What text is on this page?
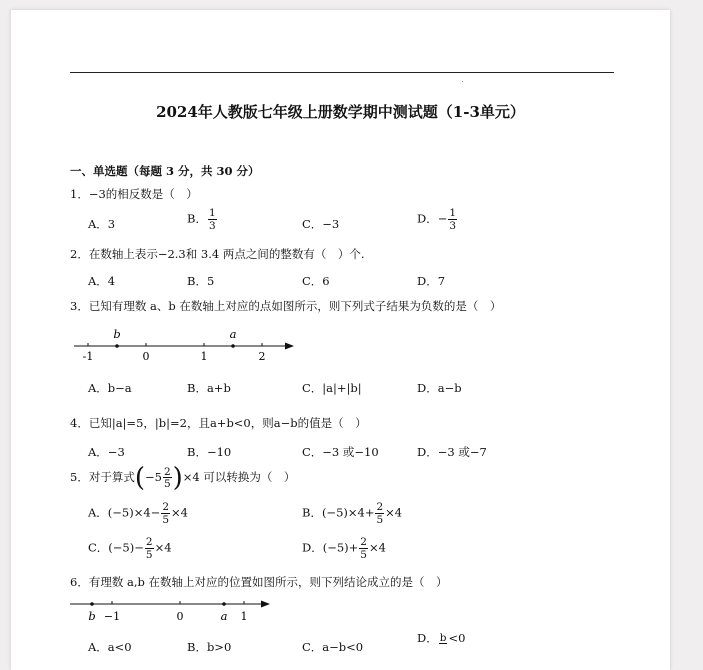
2024年人教版七年级上册数学期中测试题（1-3单元）
一、单选题（每题 3 分，共 30 分）
1．−3的相反数是（　）
A．3	B． $\frac{1}{3}$	C．−3	D．− $\frac{1}{3}$
2．在数轴上表示−2.3和 3.4 两点之间的整数有（　）个.
A．4	B．5	C．6	D．7
3．已知有理数 a、b 在数轴上对应的点如图所示，则下列式子结果为负数的是（　）
b	a
-1	0	1	2
A．b−a	B．a+b	C．|a|+|b|	D．a−b
4．已知|a|=5，|b|=2，且a+b<0，则a−b的值是（　）
A．−3	B．−10	C．−3 或−10	D．−3 或−7
5．对于算式$(-5 \frac{2}{5} )\times 4$ 可以转换为（　）
A．$(-5)\times 4- \frac{2}{5} \times 4$	B．$(-5)\times 4+ \frac{2}{5} \times 4$
C．$(-5)- \frac{2}{5} \times 4$	D．$(-5)+ \frac{2}{5} \times 4$
6．有理数 a,b 在数轴上对应的位置如图所示，则下列结论成立的是（　）
b −1	0	a 1
A．a<0	B．b>0	C．a−b<0
D． b <0
